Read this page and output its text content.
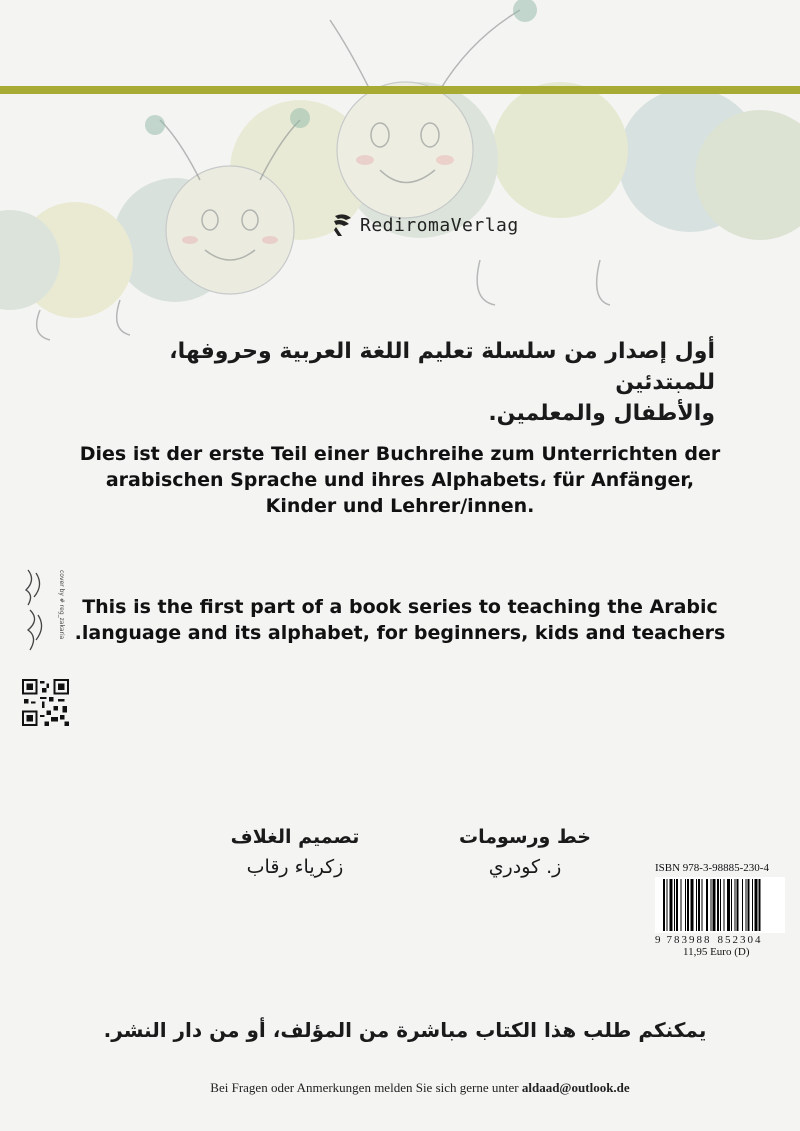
RediromaVerlag
أول إصدار من سلسلة تعليم اللغة العربية وحروفها، للمبتدئين
والأطفال والمعلمين.
Dies ist der erste Teil einer Buchreihe zum Unterrichten der
arabischen Sprache und ihres Alphabets، für Anfänger,
Kinder und Lehrer/innen.
This is the first part of a book series to teaching the Arabic
.language and its alphabet, for beginners, kids and teachers
cover by # reg_zakaria
تصميم الغلاف
زكرياء رقاب
خط ورسومات
ز. كودري	ISBN 978-3-98885-230-4
9 783988 852304
11,95 Euro (D)
يمكنكم طلب هذا الكتاب مباشرة من المؤلف، أو من دار النشر.
Bei Fragen oder Anmerkungen melden Sie sich gerne unter aldaad@outlook.de
